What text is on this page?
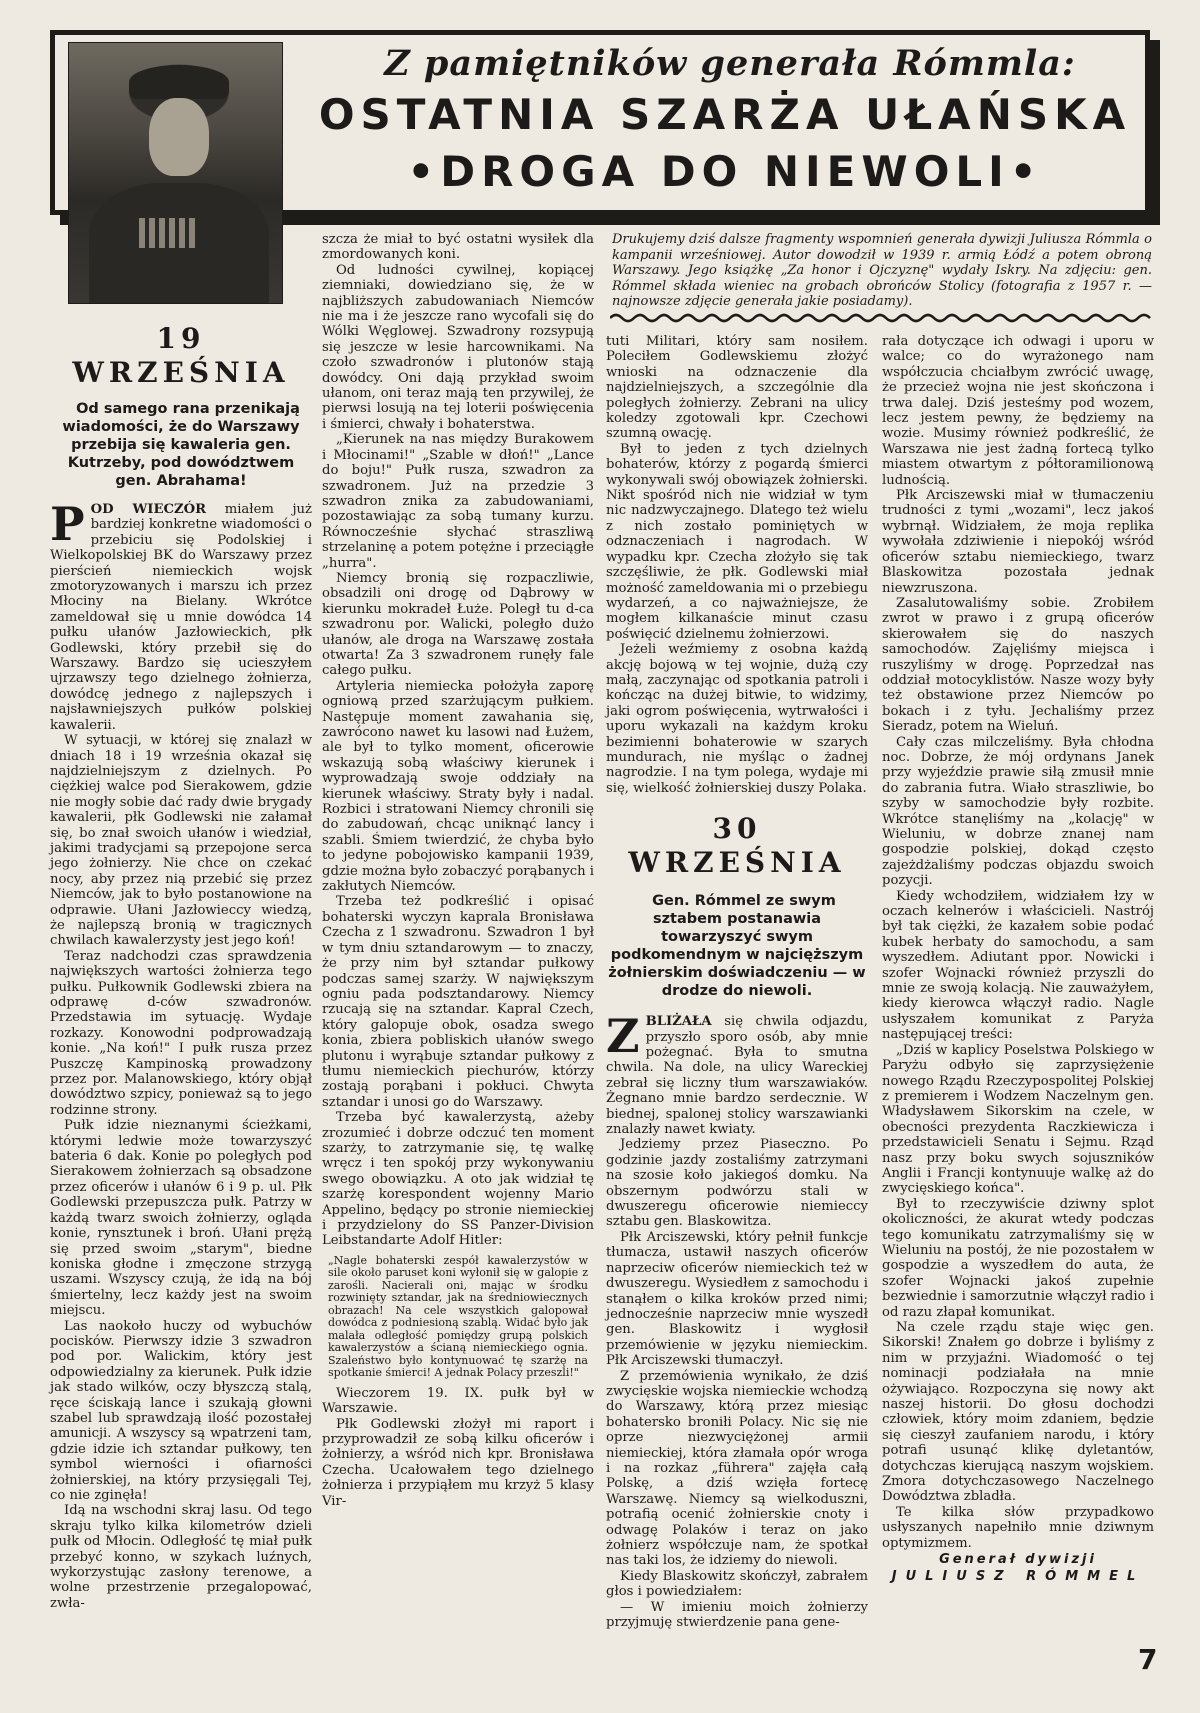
Z pamiętników generała Rómmla:
OSTATNIA SZARŻA UŁAŃSKA
•DROGA DO NIEWOLI•
Drukujemy dziś dalsze fragmenty wspomnień generała dywizji Juliusza Rómmla o kampanii wrześniowej. Autor dowodził w 1939 r. armią Łódź a potem obroną Warszawy. Jego książkę „Za honor i Ojczyznę" wydały Iskry. Na zdjęciu: gen. Rómmel składa wieniec na grobach obrońców Stolicy (fotografia z 1957 r. — najnowsze zdjęcie generała jakie posiadamy).
19 WRZEŚNIA

Od samego rana przenikają wiadomości, że do Warszawy przebija się kawaleria gen. Kutrzeby, pod dowództwem gen. Abrahama!

POD WIECZÓR miałem już bardziej konkretne wiadomości o przebiciu się Podolskiej i Wielkopolskiej BK do Warszawy przez pierścień niemieckich wojsk zmotoryzowanych i marszu ich przez Młociny na Bielany. Wkrótce zameldował się u mnie dowódca 14 pułku ułanów Jazłowieckich, płk Godlewski, który przebił się do Warszawy. Bardzo się ucieszyłem ujrzawszy tego dzielnego żołnierza, dowódcę jednego z najlepszych i najsławniejszych pułków polskiej kawalerii.

W sytuacji, w której się znalazł w dniach 18 i 19 września okazał się najdzielniejszym z dzielnych. Po ciężkiej walce pod Sierakowem, gdzie nie mogły sobie dać rady dwie brygady kawalerii, płk Godlewski nie załamał się, bo znał swoich ułanów i wiedział, jakimi tradycjami są przepojone serca jego żołnierzy. Nie chce on czekać nocy, aby przez nią przebić się przez Niemców, jak to było postanowione na odprawie. Ułani Jazłowieccy wiedzą, że najlepszą bronią w tragicznych chwilach kawalerzysty jest jego koń!

Teraz nadchodzi czas sprawdzenia największych wartości żołnierza tego pułku. Pułkownik Godlewski zbiera na odprawę d-ców szwadronów. Przedstawia im sytuację. Wydaje rozkazy. Konowodni podprowadzają konie. „Na koń!" I pułk rusza przez Puszczę Kampinoską prowadzony przez por. Malanowskiego, który objął dowództwo szpicy, ponieważ są to jego rodzinne strony.

Pułk idzie nieznanymi ścieżkami, którymi ledwie może towarzyszyć bateria 6 dak. Konie po poległych pod Sierakowem żołnierzach są obsadzone przez oficerów i ułanów 6 i 9 p. ul. Płk Godlewski przepuszcza pułk. Patrzy w każdą twarz swoich żołnierzy, ogląda konie, rynsztunek i broń. Ułani prężą się przed swoim „starym", biedne koniska głodne i zmęczone strzygą uszami. Wszyscy czują, że idą na bój śmiertelny, lecz każdy jest na swoim miejscu.

Las naokoło huczy od wybuchów pocisków. Pierwszy idzie 3 szwadron pod por. Walickim, który jest odpowiedzialny za kierunek. Pułk idzie jak stado wilków, oczy błyszczą stalą, ręce ściskają lance i szukają głowni szabel lub sprawdzają ilość pozostałej amunicji. A wszyscy są wpatrzeni tam, gdzie idzie ich sztandar pułkowy, ten symbol wierności i ofiarności żołnierskiej, na który przysięgali Tej, co nie zginęła!

Idą na wschodni skraj lasu. Od tego skraju tylko kilka kilometrów dzieli pułk od Młocin. Odległość tę miał pułk przebyć konno, w szykach luźnych, wykorzystując zasłony terenowe, a wolne przestrzenie przegalopować, zwła-

szcza że miał to być ostatni wysiłek dla zmordowanych koni.

Od ludności cywilnej, kopiącej ziemniaki, dowiedziano się, że w najbliższych zabudowaniach Niemców nie ma i że jeszcze rano wycofali się do Wólki Węglowej. Szwadrony rozsypują się jeszcze w lesie harcownikami. Na czoło szwadronów i plutonów stają dowódcy. Oni dają przykład swoim ułanom, oni teraz mają ten przywilej, że pierwsi losują na tej loterii poświęcenia i śmierci, chwały i bohaterstwa.

„Kierunek na nas między Burakowem i Młocinami!" „Szable w dłoń!" „Lance do boju!" Pułk rusza, szwadron za szwadronem. Już na przedzie 3 szwadron znika za zabudowaniami, pozostawiając za sobą tumany kurzu. Równocześnie słychać straszliwą strzelaninę a potem potężne i przeciągłe „hurra".

Niemcy bronią się rozpaczliwie, obsadzili oni drogę od Dąbrowy w kierunku mokradeł Łuże. Poległ tu d-ca szwadronu por. Walicki, poległo dużo ułanów, ale droga na Warszawę została otwarta! Za 3 szwadronem runęły fale całego pułku.

Artyleria niemiecka położyła zaporę ogniową przed szarżującym pułkiem. Następuje moment zawahania się, zawrócono nawet ku lasowi nad Łużem, ale był to tylko moment, oficerowie wskazują sobą właściwy kierunek i wyprowadzają swoje oddziały na kierunek właściwy. Straty były i nadal. Rozbici i stratowani Niemcy chronili się do zabudowań, chcąc uniknąć lancy i szabli. Śmiem twierdzić, że chyba było to jedyne pobojowisko kampanii 1939, gdzie można było zobaczyć porąbanych i zakłutych Niemców.

Trzeba też podkreślić i opisać bohaterski wyczyn kaprala Bronisława Czecha z 1 szwadronu. Szwadron 1 był w tym dniu sztandarowym — to znaczy, że przy nim był sztandar pułkowy podczas samej szarży. W największym ogniu pada podsztandarowy. Niemcy rzucają się na sztandar. Kapral Czech, który galopuje obok, osadza swego konia, zbiera pobliskich ułanów swego plutonu i wyrąbuje sztandar pułkowy z tłumu niemieckich piechurów, którzy zostają porąbani i pokłuci. Chwyta sztandar i unosi go do Warszawy.

Trzeba być kawalerzystą, ażeby zrozumieć i dobrze odczuć ten moment szarży, to zatrzymanie się, tę walkę wręcz i ten spokój przy wykonywaniu swego obowiązku. A oto jak widział tę szarżę korespondent wojenny Mario Appelino, będący po stronie niemieckiej i przydzielony do SS Panzer-Division Leibstandarte Adolf Hitler:

„Nagle bohaterski zespół kawalerzystów w sile około paruset koni wyłonił się w galopie z zarośli. Nacierali oni, mając w środku rozwinięty sztandar, jak na średniowiecznych obrazach! Na cele wszystkich galopował dowódca z podniesioną szablą. Widać było jak malała odległość pomiędzy grupą polskich kawalerzystów a ścianą niemieckiego ognia. Szaleństwo było kontynuować tę szarżę na spotkanie śmierci! A jednak Polacy przeszli!"

Wieczorem 19. IX. pułk był w Warszawie.

Płk Godlewski złożył mi raport i przyprowadził ze sobą kilku oficerów i żołnierzy, a wśród nich kpr. Bronisława Czecha. Ucałowałem tego dzielnego żołnierza i przypiąłem mu krzyż 5 klasy Vir-

tuti Militari, który sam nosiłem. Poleciłem Godlewskiemu złożyć wnioski na odznaczenie dla najdzielniejszych, a szczególnie dla poległych żołnierzy. Zebrani na ulicy koledzy zgotowali kpr. Czechowi szumną owację.

Był to jeden z tych dzielnych bohaterów, którzy z pogardą śmierci wykonywali swój obowiązek żołnierski. Nikt spośród nich nie widział w tym nic nadzwyczajnego. Dlatego też wielu z nich zostało pominiętych w odznaczeniach i nagrodach. W wypadku kpr. Czecha złożyło się tak szczęśliwie, że płk. Godlewski miał możność zameldowania mi o przebiegu wydarzeń, a co najważniejsze, że mogłem kilkanaście minut czasu poświęcić dzielnemu żołnierzowi.

Jeżeli weźmiemy z osobna każdą akcję bojową w tej wojnie, dużą czy małą, zaczynając od spotkania patroli i kończąc na dużej bitwie, to widzimy, jaki ogrom poświęcenia, wytrwałości i uporu wykazali na każdym kroku bezimienni bohaterowie w szarych mundurach, nie myśląc o żadnej nagrodzie. I na tym polega, wydaje mi się, wielkość żołnierskiej duszy Polaka.

30 WRZEŚNIA

Gen. Rómmel ze swym sztabem postanawia towarzyszyć swym podkomendnym w najcięższym żołnierskim doświadczeniu — w drodze do niewoli.

ZBLIŻAŁA się chwila odjazdu, przyszło sporo osób, aby mnie pożegnać. Była to smutna chwila. Na dole, na ulicy Wareckiej zebrał się liczny tłum warszawiaków. Żegnano mnie bardzo serdecznie. W biednej, spalonej stolicy warszawianki znalazły nawet kwiaty.

Jedziemy przez Piaseczno. Po godzinie jazdy zostaliśmy zatrzymani na szosie koło jakiegoś domku. Na obszernym podwórzu stali w dwuszeregu oficerowie niemieccy sztabu gen. Blaskowitza.

Płk Arciszewski, który pełnił funkcje tłumacza, ustawił naszych oficerów naprzeciw oficerów niemieckich też w dwuszeregu. Wysiedłem z samochodu i stanąłem o kilka kroków przed nimi; jednocześnie naprzeciw mnie wyszedł gen. Blaskowitz i wygłosił przemówienie w języku niemieckim. Płk Arciszewski tłumaczył.

Z przemówienia wynikało, że dziś zwycięskie wojska niemieckie wchodzą do Warszawy, którą przez miesiąc bohatersko broniłi Polacy. Nic się nie oprze niezwyciężonej armii niemieckiej, która złamała opór wroga i na rozkaz „führera" zajęła całą Polskę, a dziś wzięła fortecę Warszawę. Niemcy są wielkoduszni, potrafią ocenić żołnierskie cnoty i odwagę Polaków i teraz on jako żołnierz współczuje nam, że spotkał nas taki los, że idziemy do niewoli.

Kiedy Blaskowitz skończył, zabrałem głos i powiedziałem:

— W imieniu moich żołnierzy przyjmuję stwierdzenie pana gene-

rała dotyczące ich odwagi i uporu w walce; co do wyrażonego nam współczucia chciałbym zwrócić uwagę, że przecież wojna nie jest skończona i trwa dalej. Dziś jesteśmy pod wozem, lecz jestem pewny, że będziemy na wozie. Musimy również podkreślić, że Warszawa nie jest żadną fortecą tylko miastem otwartym z półtoramilionową ludnością.

Płk Arciszewski miał w tłumaczeniu trudności z tymi „wozami", lecz jakoś wybrnął. Widziałem, że moja replika wywołała zdziwienie i niepokój wśród oficerów sztabu niemieckiego, twarz Blaskowitza pozostała jednak niewzruszona.

Zasalutowaliśmy sobie. Zrobiłem zwrot w prawo i z grupą oficerów skierowałem się do naszych samochodów. Zajęliśmy miejsca i ruszyliśmy w drogę. Poprzedzał nas oddział motocyklistów. Nasze wozy były też obstawione przez Niemców po bokach i z tyłu. Jechaliśmy przez Sieradz, potem na Wieluń.

Cały czas milczeliśmy. Była chłodna noc. Dobrze, że mój ordynans Janek przy wyjeździe prawie siłą zmusił mnie do zabrania futra. Wiało straszliwie, bo szyby w samochodzie były rozbite. Wkrótce stanęliśmy na „kolację" w Wieluniu, w dobrze znanej nam gospodzie polskiej, dokąd często zajeżdżaliśmy podczas objazdu swoich pozycji.

Kiedy wchodziłem, widziałem łzy w oczach kelnerów i właścicieli. Nastrój był tak ciężki, że kazałem sobie podać kubek herbaty do samochodu, a sam wyszedłem. Adiutant ppor. Nowicki i szofer Wojnacki również przyszli do mnie ze swoją kolacją. Nie zauważyłem, kiedy kierowca włączył radio. Nagle usłyszałem komunikat z Paryża następującej treści:

„Dziś w kaplicy Poselstwa Polskiego w Paryżu odbyło się zaprzysiężenie nowego Rządu Rzeczypospolitej Polskiej z premierem i Wodzem Naczelnym gen. Władysławem Sikorskim na czele, w obecności prezydenta Raczkiewicza i przedstawicieli Senatu i Sejmu. Rząd nasz przy boku swych sojuszników Anglii i Francji kontynuuje walkę aż do zwycięskiego końca".

Był to rzeczywiście dziwny splot okoliczności, że akurat wtedy podczas tego komunikatu zatrzymaliśmy się w Wieluniu na postój, że nie pozostałem w gospodzie a wyszedłem do auta, że szofer Wojnacki jakoś zupełnie bezwiednie i samorzutnie włączył radio i od razu złapał komunikat.

Na czele rządu staje więc gen. Sikorski! Znałem go dobrze i byliśmy z nim w przyjaźni. Wiadomość o tej nominacji podziałała na mnie ożywiająco. Rozpoczyna się nowy akt naszej historii. Do głosu dochodzi człowiek, który moim zdaniem, będzie się cieszył zaufaniem narodu, i który potrafi usunąć klikę dyletantów, dotychczas kierującą naszym wojskiem. Zmora dotychczasowego Naczelnego Dowództwa zbladła.

Te kilka słów przypadkowo usłyszanych napełniło mnie dziwnym optymizmem.

Generał dywizji
JULIUSZ RÓMMEL
7
